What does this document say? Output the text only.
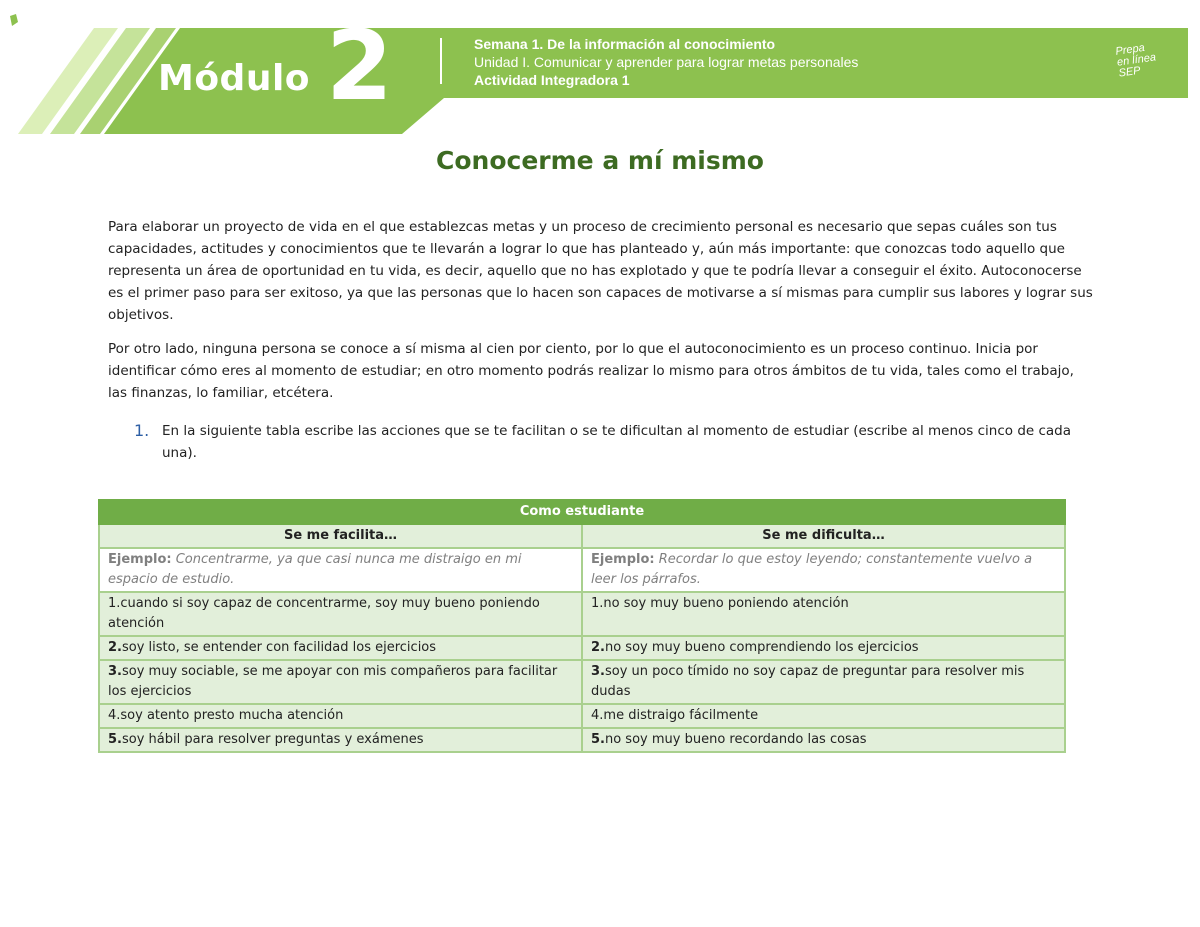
Módulo 2	Semana 1. De la información al conocimiento
Unidad I. Comunicar y aprender para lograr metas personales
Actividad Integradora 1
Prepa en línea SEP
Conocerme a mí mismo
Para elaborar un proyecto de vida en el que establezcas metas y un proceso de crecimiento personal es necesario que sepas cuáles son tus capacidades, actitudes y conocimientos que te llevarán a lograr lo que has planteado y, aún más importante: que conozcas todo aquello que representa un área de oportunidad en tu vida, es decir, aquello que no has explotado y que te podría llevar a conseguir el éxito. Autoconocerse es el primer paso para ser exitoso, ya que las personas que lo hacen son capaces de motivarse a sí mismas para cumplir sus labores y lograr sus objetivos.
Por otro lado, ninguna persona se conoce a sí misma al cien por ciento, por lo que el autoconocimiento es un proceso continuo. Inicia por identificar cómo eres al momento de estudiar; en otro momento podrás realizar lo mismo para otros ámbitos de tu vida, tales como el trabajo, las finanzas, lo familiar, etcétera.
1. En la siguiente tabla escribe las acciones que se te facilitan o se te dificultan al momento de estudiar (escribe al menos cinco de cada una).
Como estudiante	
Se me facilita…	Se me dificulta…
Ejemplo: Concentrarme, ya que casi nunca me distraigo en mi espacio de estudio.	Ejemplo: Recordar lo que estoy leyendo; constantemente vuelvo a leer los párrafos.
1.cuando si soy capaz de concentrarme, soy muy bueno poniendo atención	1.no soy muy bueno poniendo atención
2.soy listo, se entender con facilidad los ejercicios	2.no soy muy bueno comprendiendo los ejercicios
3.soy muy sociable, se me apoyar con mis compañeros para facilitar los ejercicios	3.soy un poco tímido no soy capaz de preguntar para resolver mis dudas
4.soy atento presto mucha atención	4.me distraigo fácilmente
5.soy hábil para resolver preguntas y exámenes	5.no soy muy bueno recordando las cosas
